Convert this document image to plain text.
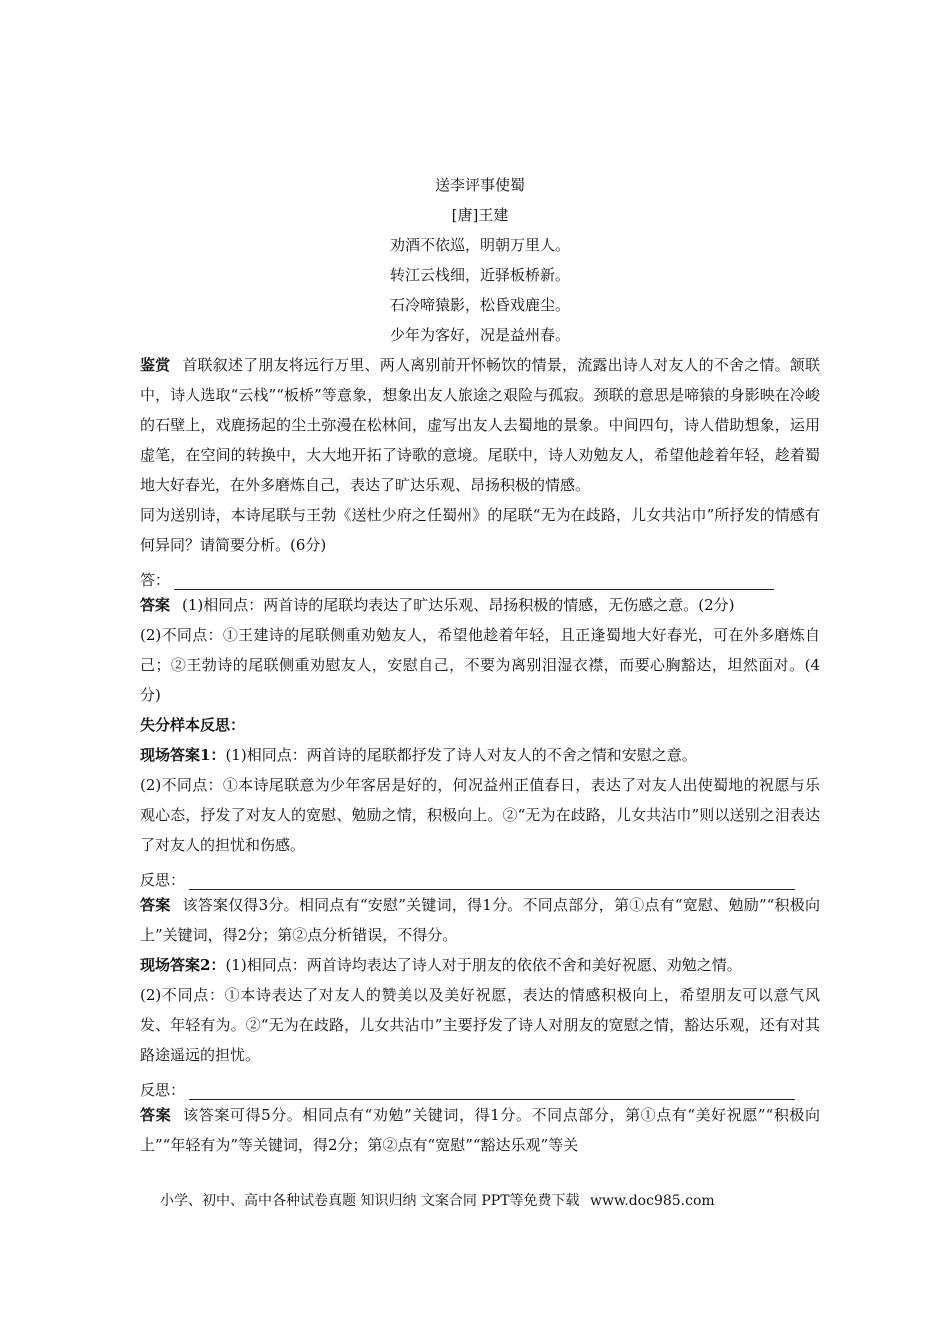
送李评事使蜀
[唐]王建
劝酒不依巡，明朝万里人。
转江云栈细，近驿板桥新。
石冷啼猿影，松昏戏鹿尘。
少年为客好，况是益州春。

鉴赏 首联叙述了朋友将远行万里、两人离别前开怀畅饮的情景，流露出诗人对友人的不舍之情。颔联中，诗人选取“云栈”“板桥”等意象，想象出友人旅途之艰险与孤寂。颈联的意思是啼猿的身影映在冷峻的石壁上，戏鹿扬起的尘土弥漫在松林间，虚写出友人去蜀地的景象。中间四句，诗人借助想象，运用虚笔，在空间的转换中，大大地开拓了诗歌的意境。尾联中，诗人劝勉友人，希望他趁着年轻，趁着蜀地大好春光，在外多磨炼自己，表达了旷达乐观、昂扬积极的情感。

同为送别诗，本诗尾联与王勃《送杜少府之任蜀州》的尾联“无为在歧路，儿女共沾巾”所抒发的情感有何异同？请简要分析。(6分)

答：

答案 (1)相同点：两首诗的尾联均表达了旷达乐观、昂扬积极的情感，无伤感之意。(2分)

(2)不同点：①王建诗的尾联侧重劝勉友人，希望他趁着年轻，且正逢蜀地大好春光，可在外多磨炼自己；②王勃诗的尾联侧重劝慰友人，安慰自己，不要为离别泪湿衣襟，而要心胸豁达，坦然面对。(4分)

失分样本反思：

现场答案1：(1)相同点：两首诗的尾联都抒发了诗人对友人的不舍之情和安慰之意。

(2)不同点：①本诗尾联意为少年客居是好的，何况益州正值春日，表达了对友人出使蜀地的祝愿与乐观心态，抒发了对友人的宽慰、勉励之情，积极向上。②“无为在歧路，儿女共沾巾”则以送别之泪表达了对友人的担忧和伤感。

反思：

答案 该答案仅得3分。相同点有“安慰”关键词，得1分。不同点部分，第①点有“宽慰、勉励”“积极向上”关键词，得2分；第②点分析错误，不得分。

现场答案2：(1)相同点：两首诗均表达了诗人对于朋友的依依不舍和美好祝愿、劝勉之情。

(2)不同点：①本诗表达了对友人的赞美以及美好祝愿，表达的情感积极向上，希望朋友可以意气风发、年轻有为。②“无为在歧路，儿女共沾巾”主要抒发了诗人对朋友的宽慰之情，豁达乐观，还有对其路途遥远的担忧。

反思：

答案 该答案可得5分。相同点有“劝勉”关键词，得1分。不同点部分，第①点有“美好祝愿”“积极向上”“年轻有为”等关键词，得2分；第②点有“宽慰”“豁达乐观”等关

小学、初中、高中各种试卷真题 知识归纳 文案合同 PPT等免费下载 www.doc985.com
